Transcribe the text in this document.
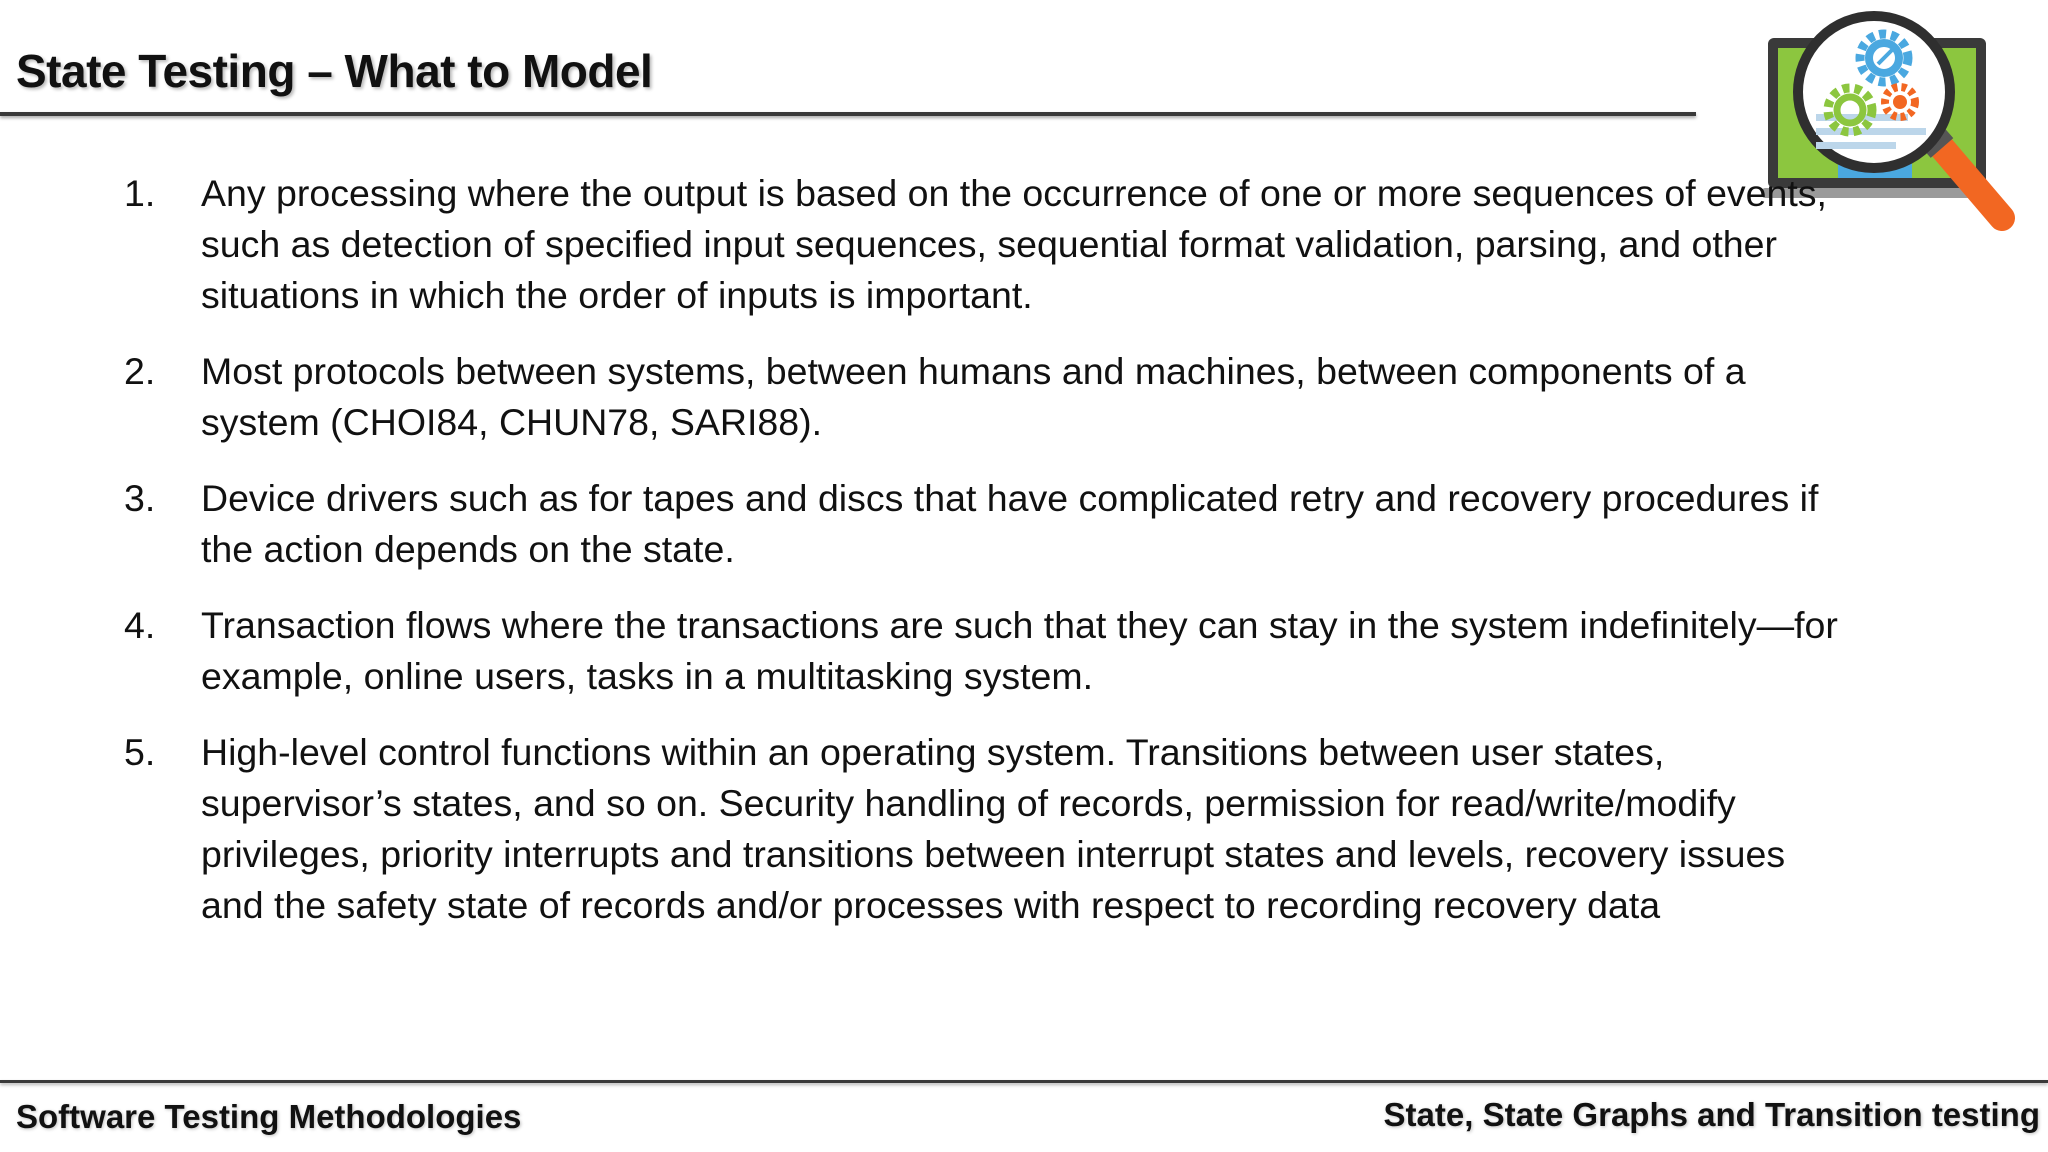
State Testing – What to Model
1. Any processing where the output is based on the occurrence of one or more sequences of events, such as detection of specified input sequences, sequential format validation, parsing, and other situations in which the order of inputs is important.
2. Most protocols between systems, between humans and machines, between components of a system (CHOI84, CHUN78, SARI88).
3. Device drivers such as for tapes and discs that have complicated retry and recovery procedures if the action depends on the state.
4. Transaction flows where the transactions are such that they can stay in the system indefinitely—for example, online users, tasks in a multitasking system.
5. High-level control functions within an operating system. Transitions between user states, supervisor’s states, and so on. Security handling of records, permission for read/write/modify privileges, priority interrupts and transitions between interrupt states and levels, recovery issues and the safety state of records and/or processes with respect to recording recovery data
Software Testing Methodologies	State, State Graphs and Transition testing
